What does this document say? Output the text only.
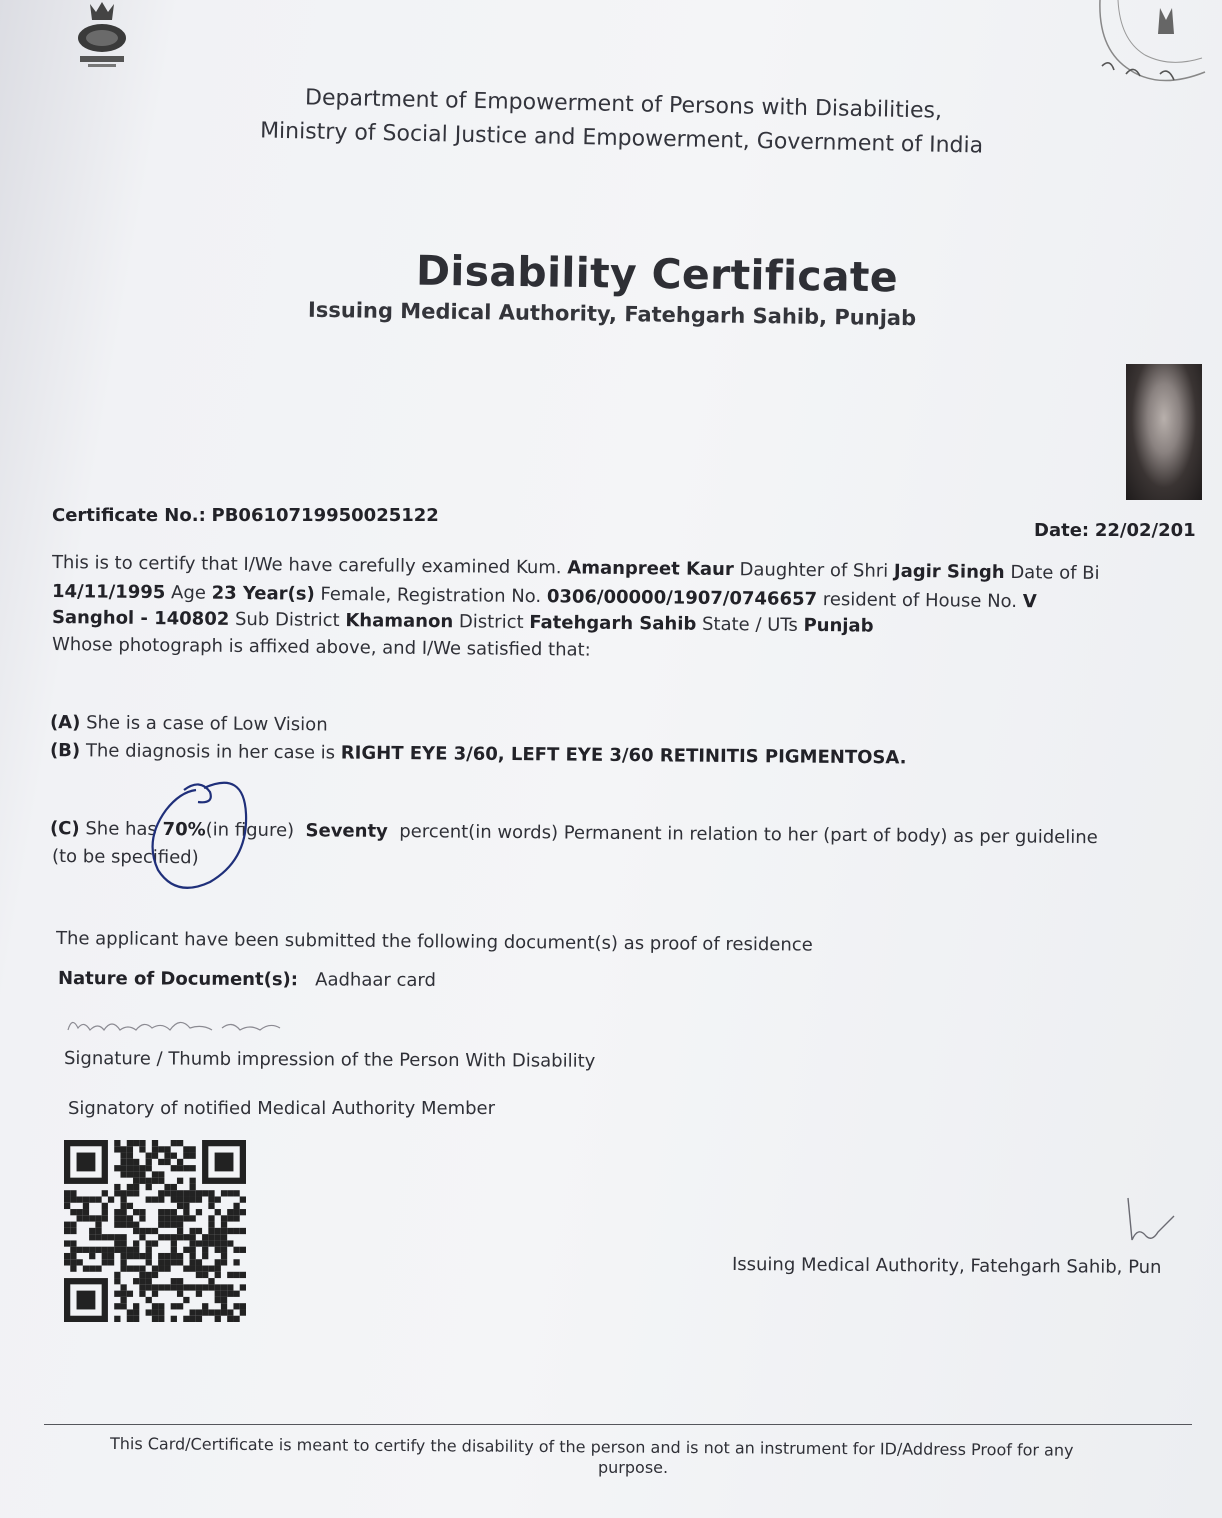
Department of Empowerment of Persons with Disabilities,
Ministry of Social Justice and Empowerment, Government of India
Disability Certificate
Issuing Medical Authority, Fatehgarh Sahib, Punjab
Certificate No.: PB0610719950025122
Date: 22/02/201
This is to certify that I/We have carefully examined Kum. Amanpreet Kaur Daughter of Shri Jagir Singh Date of Bi
14/11/1995 Age 23 Year(s) Female, Registration No. 0306/00000/1907/0746657 resident of House No. V
Sanghol - 140802 Sub District Khamanon District Fatehgarh Sahib State / UTs Punjab
Whose photograph is affixed above, and I/We satisfied that:
(A) She is a case of Low Vision
(B) The diagnosis in her case is RIGHT EYE 3/60, LEFT EYE 3/60 RETINITIS PIGMENTOSA.
(C) She has 70%(in figure) Seventy percent(in words) Permanent in relation to her (part of body) as per guideline
(to be specified)
The applicant have been submitted the following document(s) as proof of residence
Nature of Document(s): Aadhaar card
Signature / Thumb impression of the Person With Disability
Signatory of notified Medical Authority Member
Issuing Medical Authority, Fatehgarh Sahib, Pun
This Card/Certificate is meant to certify the disability of the person and is not an instrument for ID/Address Proof for any
purpose.
